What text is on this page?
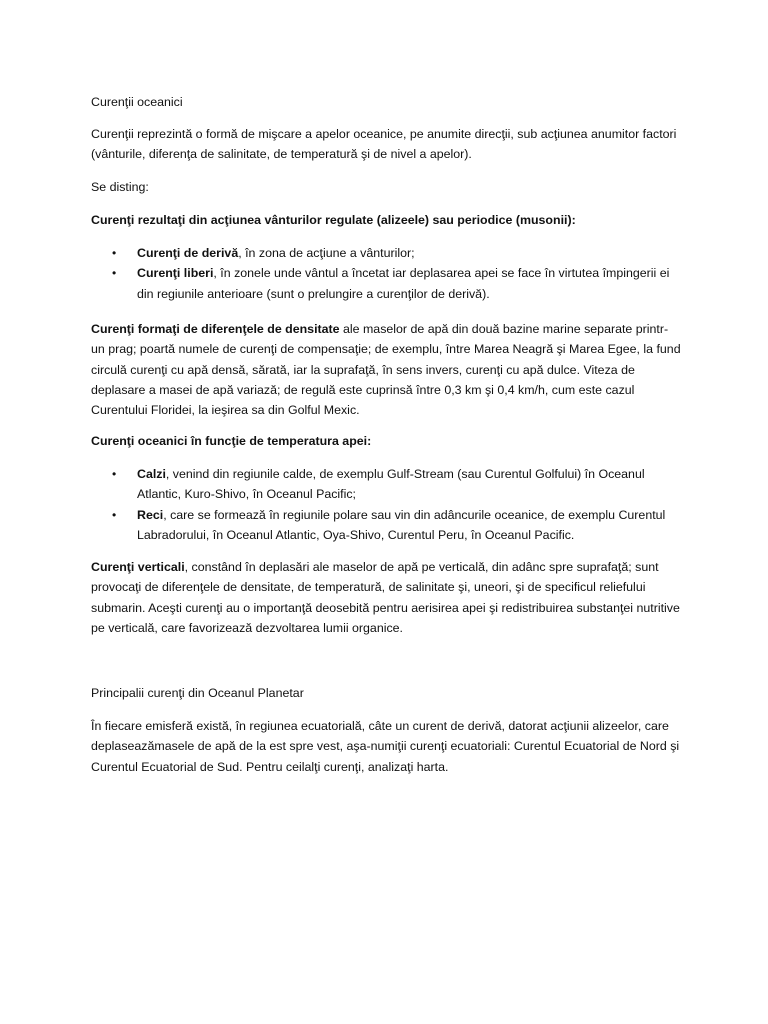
Curenţii oceanici

Curenţii reprezintă o formă de mişcare a apelor oceanice, pe anumite direcţii, sub acţiunea anumitor factori (vânturile, diferenţa de salinitate, de temperatură şi de nivel a apelor).

Se disting:

Curenţi rezultaţi din acţiunea vânturilor regulate (alizeele) sau periodice (musonii):

• Curenţi de derivă, în zona de acţiune a vânturilor;
• Curenţi liberi, în zonele unde vântul a încetat iar deplasarea apei se face în virtutea împingerii ei din regiunile anterioare (sunt o prelungire a curenţilor de derivă).

Curenţi formaţi de diferenţele de densitate ale maselor de apă din două bazine marine separate printr-un prag; poartă numele de curenţi de compensaţie; de exemplu, între Marea Neagră şi Marea Egee, la fund circulă curenţi cu apă densă, sărată, iar la suprafaţă, în sens invers, curenţi cu apă dulce. Viteza de deplasare a masei de apă variază; de regulă este cuprinsă între 0,3 km şi 0,4 km/h, cum este cazul Curentului Floridei, la ieşirea sa din Golful Mexic.

Curenţi oceanici în funcţie de temperatura apei:

• Calzi, venind din regiunile calde, de exemplu Gulf-Stream (sau Curentul Golfului) în Oceanul Atlantic, Kuro-Shivo, în Oceanul Pacific;
• Reci, care se formează în regiunile polare sau vin din adâncurile oceanice, de exemplu Curentul Labradorului, în Oceanul Atlantic, Oya-Shivo, Curentul Peru, în Oceanul Pacific.

Curenţi verticali, constând în deplasări ale maselor de apă pe verticală, din adânc spre suprafaţă; sunt provocaţi de diferenţele de densitate, de temperatură, de salinitate şi, uneori, şi de specificul reliefului submarin. Aceşti curenţi au o importanţă deosebită pentru aerisirea apei şi redistribuirea substanţei nutritive pe verticală, care favorizează dezvoltarea lumii organice.

Principalii curenţi din Oceanul Planetar

În fiecare emisferă există, în regiunea ecuatorială, câte un curent de derivă, datorat acţiunii alizeelor, care deplaseazămasele de apă de la est spre vest, aşa-numiţii curenţi ecuatoriali: Curentul Ecuatorial de Nord şi Curentul Ecuatorial de Sud. Pentru ceilalţi curenţi, analizaţi harta.
